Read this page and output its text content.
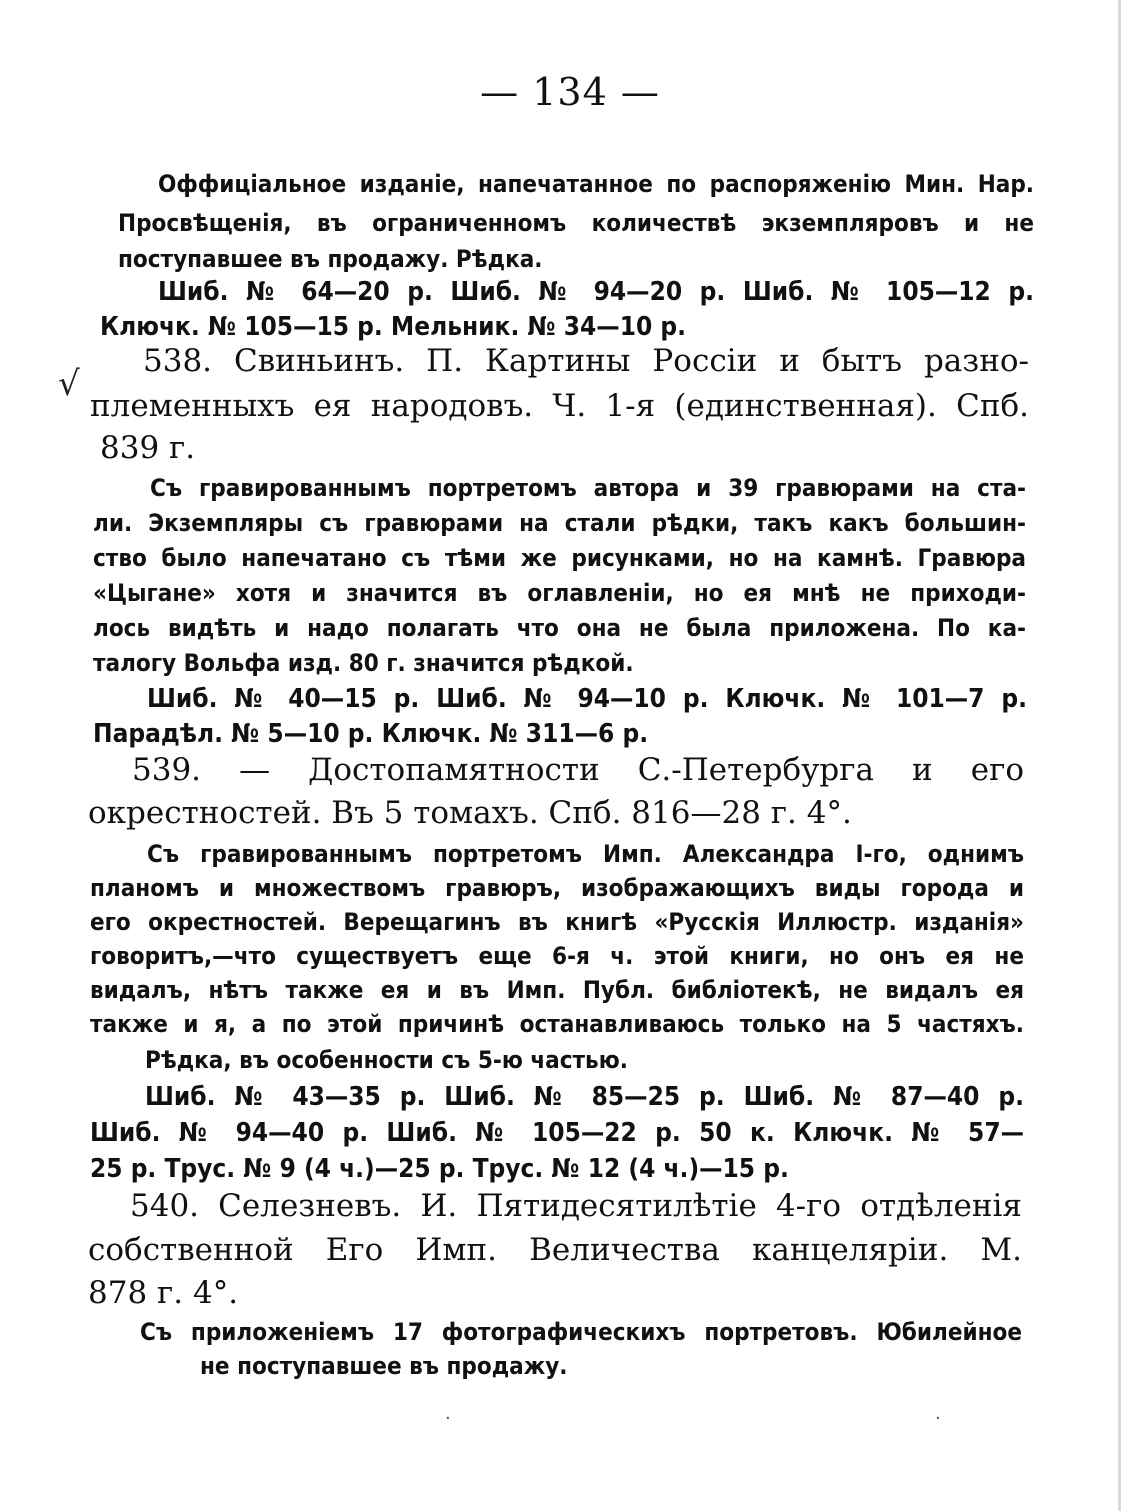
— 134 —
√
Оффиціальное изданіе, напечатанное по распоряженію Мин. Нар.
Просвѣщенія, въ ограниченномъ количествѣ экземпляровъ и не поступавшее въ продажу. Рѣдка.
Шиб. № 64—20 р. Шиб. № 94—20 р. Шиб. № 105—12 р.
Ключк. № 105—15 р. Мельник. № 34—10 р.
538. Свиньинъ. П. Картины Россіи и бытъ разно-
племенныхъ ея народовъ. Ч. 1-я (единственная). Спб.
839 г.
Съ гравированнымъ портретомъ автора и 39 гравюрами на ста-
ли. Экземпляры съ гравюрами на стали рѣдки, такъ какъ большин-
ство было напечатано съ тѣми же рисунками, но на камнѣ. Гравюра
«Цыгане» хотя и значится въ оглавленіи, но ея мнѣ не приходи-
лось видѣть и надо полагать что она не была приложена. По ка-
талогу Вольфа изд. 80 г. значится рѣдкой.
Шиб. № 40—15 р. Шиб. № 94—10 р. Ключк. № 101—7 р.
Парадѣл. № 5—10 р. Ключк. № 311—6 р.
539. — Достопамятности С.-Петербурга и его
окрестностей. Въ 5 томахъ. Спб. 816—28 г. 4°.
Съ гравированнымъ портретомъ Имп. Александра І-го, однимъ
планомъ и множествомъ гравюръ, изображающихъ виды города и
его окрестностей. Верещагинъ въ книгѣ «Русскія Иллюстр. изданія»
говоритъ,—что существуетъ еще 6-я ч. этой книги, но онъ ея не
видалъ, нѣтъ также ея и въ Имп. Публ. библіотекѣ, не видалъ ея
также и я, а по этой причинѣ останавливаюсь только на 5 частяхъ.
Рѣдка, въ особенности съ 5-ю частью.
Шиб. № 43—35 р. Шиб. № 85—25 р. Шиб. № 87—40 р.
Шиб. № 94—40 р. Шиб. № 105—22 р. 50 к. Ключк. № 57—
25 р. Трус. № 9 (4 ч.)—25 р. Трус. № 12 (4 ч.)—15 р.
540. Селезневъ. И. Пятидесятилѣтіе 4-го отдѣленія
собственной Его Имп. Величества канцеляріи. М.
878 г. 4°.
Съ приложеніемъ 17 фотографическихъ портретовъ. Юбилейное
не поступавшее въ продажу.
·	·
